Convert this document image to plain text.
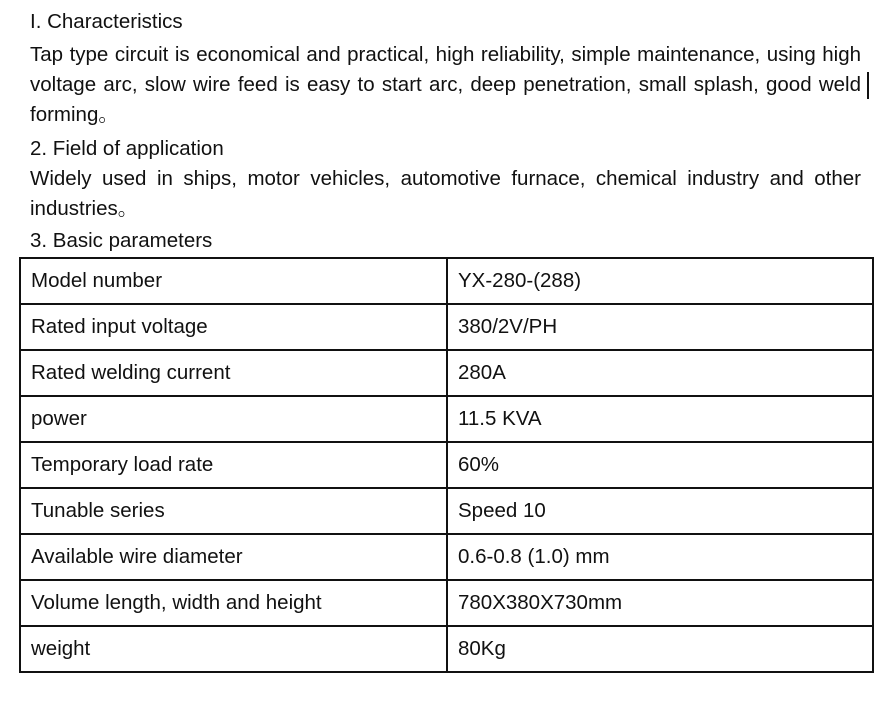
I. Characteristics
Tap type circuit is economical and practical, high reliability, simple maintenance, using high voltage arc, slow wire feed is easy to start arc, deep penetration, small splash, good weld forming。
2. Field of application
Widely used in ships, motor vehicles, automotive furnace, chemical industry and other industries。
3. Basic parameters
Model number	YX-280-(288)
Rated input voltage	380/2V/PH
Rated welding current	280A
power	11.5 KVA
Temporary load rate	60%
Tunable series	Speed 10
Available wire diameter	0.6-0.8 (1.0) mm
Volume length, width and height	780X380X730mm
weight	80Kg
